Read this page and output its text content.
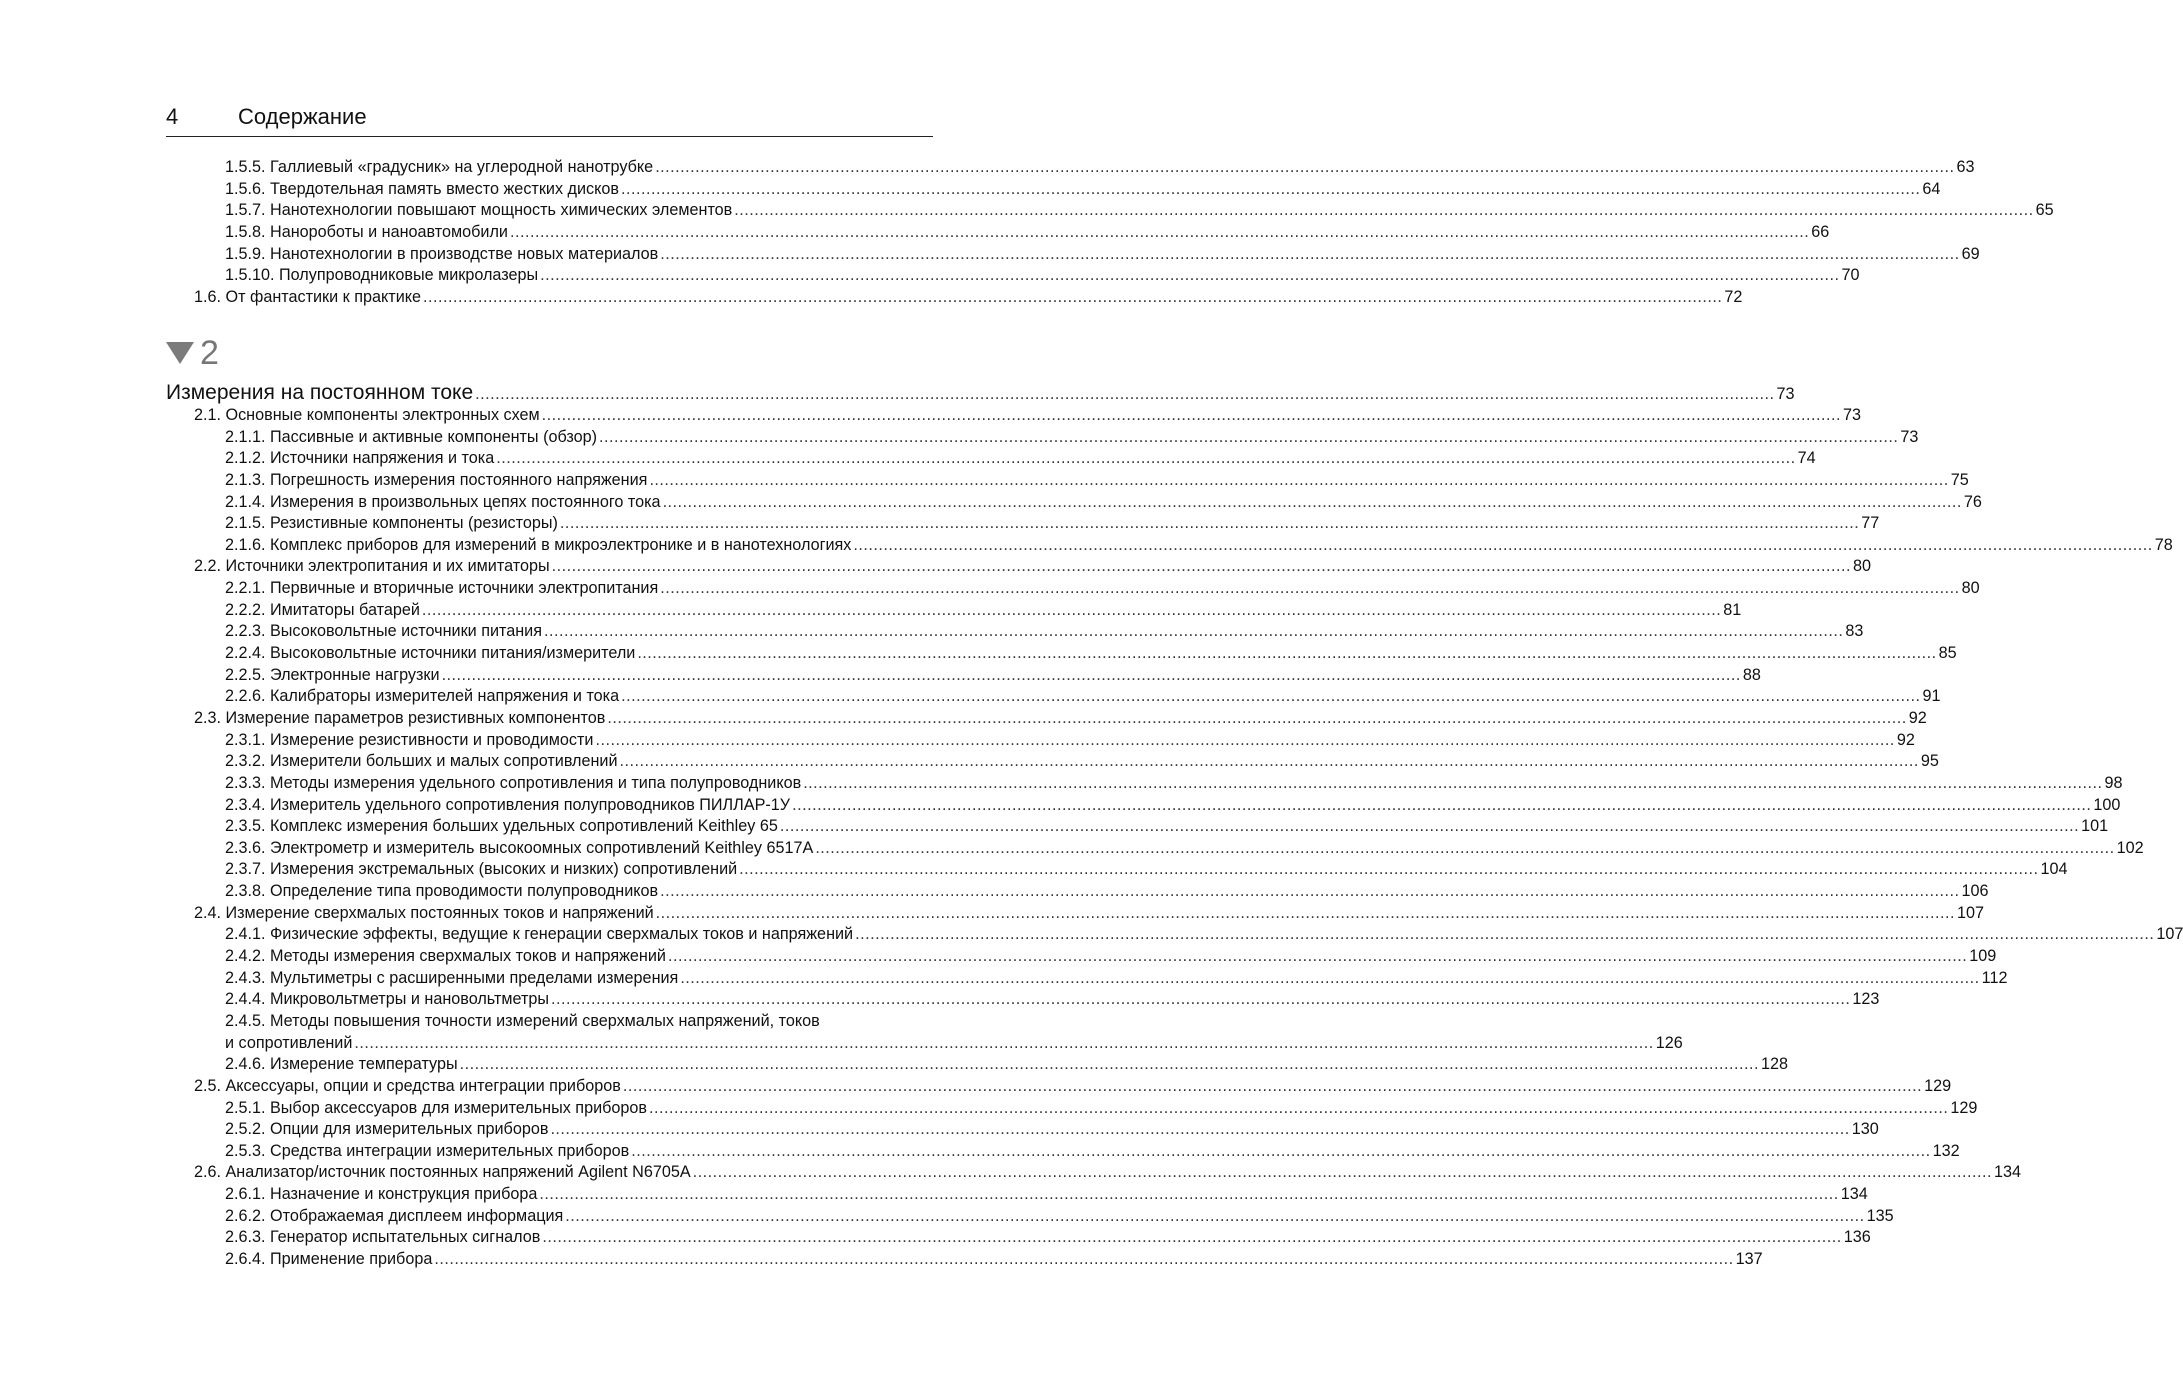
4	Содержание
1.5.5. Галлиевый «градусник» на углеродной нанотрубке .....	63
1.5.6. Твердотельная память вместо жестких дисков .....	64
1.5.7. Нанотехнологии повышают мощность химических элементов .....	65
1.5.8. Нанороботы и наноавтомобили .....	66
1.5.9. Нанотехнологии в производстве новых материалов .....	69
1.5.10. Полупроводниковые микролазеры .....	70
1.6. От фантастики к практике .....	72
2
Измерения на постоянном токе .....	73
2.1. Основные компоненты электронных схем .....	73
2.1.1. Пассивные и активные компоненты (обзор) .....	73
2.1.2. Источники напряжения и тока .....	74
2.1.3. Погрешность измерения постоянного напряжения .....	75
2.1.4. Измерения в произвольных цепях постоянного тока .....	76
2.1.5. Резистивные компоненты (резисторы) .....	77
2.1.6. Комплекс приборов для измерений в микроэлектронике и в нанотехнологиях .....	78
2.2. Источники электропитания и их имитаторы .....	80
2.2.1. Первичные и вторичные источники электропитания .....	80
2.2.2. Имитаторы батарей .....	81
2.2.3. Высоковольтные источники питания .....	83
2.2.4. Высоковольтные источники питания/измерители .....	85
2.2.5. Электронные нагрузки .....	88
2.2.6. Калибраторы измерителей напряжения и тока .....	91
2.3. Измерение параметров резистивных компонентов .....	92
2.3.1. Измерение резистивности и проводимости .....	92
2.3.2. Измерители больших и малых сопротивлений .....	95
2.3.3. Методы измерения удельного сопротивления и типа полупроводников .....	98
2.3.4. Измеритель удельного сопротивления полупроводников ПИЛЛАР-1У .....	100
2.3.5. Комплекс измерения больших удельных сопротивлений Keithley 65 .....	101
2.3.6. Электрометр и измеритель высокоомных сопротивлений Keithley 6517A .....	102
2.3.7. Измерения экстремальных (высоких и низких) сопротивлений .....	104
2.3.8. Определение типа проводимости полупроводников .....	106
2.4. Измерение сверхмалых постоянных токов и напряжений .....	107
2.4.1. Физические эффекты, ведущие к генерации сверхмалых токов и напряжений .....	107
2.4.2. Методы измерения сверхмалых токов и напряжений .....	109
2.4.3. Мультиметры с расширенными пределами измерения .....	112
2.4.4. Микровольтметры и нановольтметры .....	123
2.4.5. Методы повышения точности измерений сверхмалых напряжений, токов
и сопротивлений .....	126
2.4.6. Измерение температуры .....	128
2.5. Аксессуары, опции и средства интеграции приборов .....	129
2.5.1. Выбор аксессуаров для измерительных приборов .....	129
2.5.2. Опции для измерительных приборов .....	130
2.5.3. Средства интеграции измерительных приборов .....	132
2.6. Анализатор/источник постоянных напряжений Agilent N6705A .....	134
2.6.1. Назначение и конструкция прибора .....	134
2.6.2. Отображаемая дисплеем информация .....	135
2.6.3. Генератор испытательных сигналов .....	136
2.6.4. Применение прибора .....	137
